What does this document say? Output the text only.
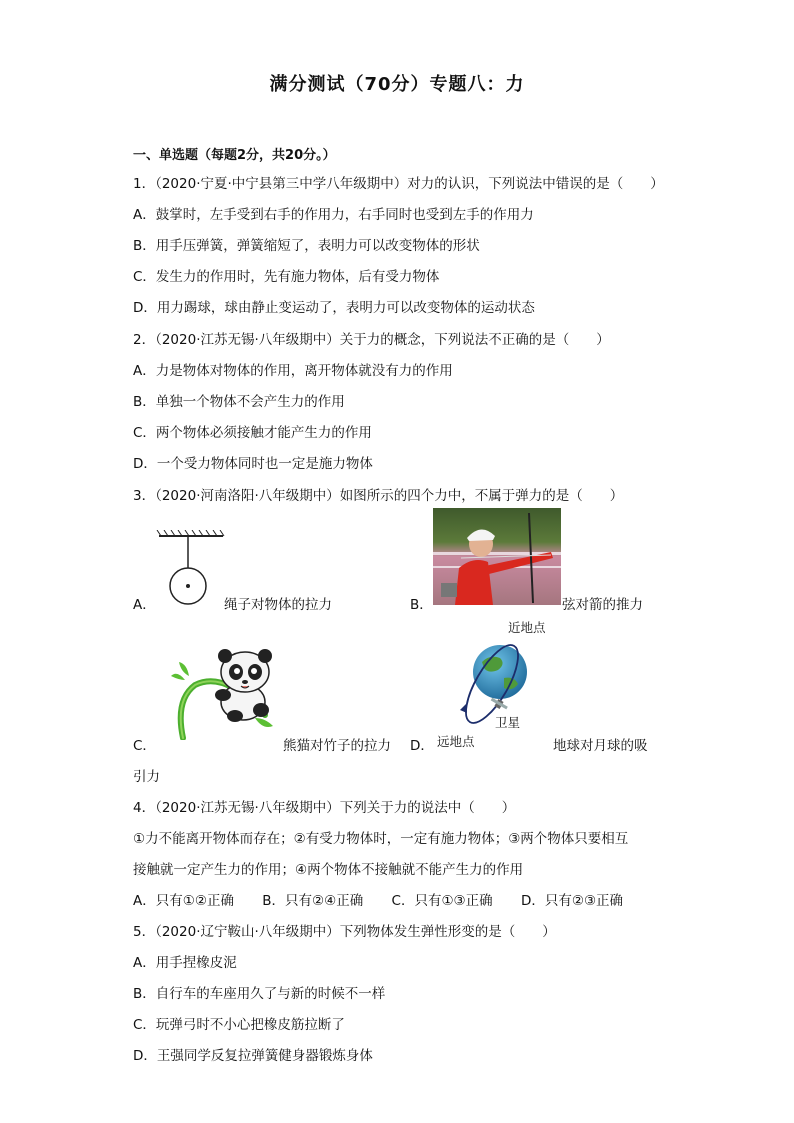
满分测试（70分）专题八：力
一、单选题（每题2分，共20分。）
1．（2020·宁夏·中宁县第三中学八年级期中）对力的认识，下列说法中错误的是（　　）
A．鼓掌时，左手受到右手的作用力，右手同时也受到左手的作用力
B．用手压弹簧，弹簧缩短了，表明力可以改变物体的形状
C．发生力的作用时，先有施力物体，后有受力物体
D．用力踢球，球由静止变运动了，表明力可以改变物体的运动状态
2．（2020·江苏无锡·八年级期中）关于力的概念，下列说法不正确的是（　　）
A．力是物体对物体的作用，离开物体就没有力的作用
B．单独一个物体不会产生力的作用
C．两个物体必须接触才能产生力的作用
D．一个受力物体同时也一定是施力物体
3．（2020·河南洛阳·八年级期中）如图所示的四个力中，不属于弹力的是（　　）
A．	绳子对物体的拉力	B．	弦对箭的推力
C．	熊猫对竹子的拉力
近地点
卫星
远地点
D．	地球对月球的吸
引力
4．（2020·江苏无锡·八年级期中）下列关于力的说法中（　　）
①力不能离开物体而存在；②有受力物体时，一定有施力物体；③两个物体只要相互
接触就一定产生力的作用；④两个物体不接触就不能产生力的作用
A．只有①②正确 B．只有②④正确 C．只有①③正确 D．只有②③正确
5．（2020·辽宁鞍山·八年级期中）下列物体发生弹性形变的是（　　）
A．用手捏橡皮泥
B．自行车的车座用久了与新的时候不一样
C．玩弹弓时不小心把橡皮筋拉断了
D．王强同学反复拉弹簧健身器锻炼身体
